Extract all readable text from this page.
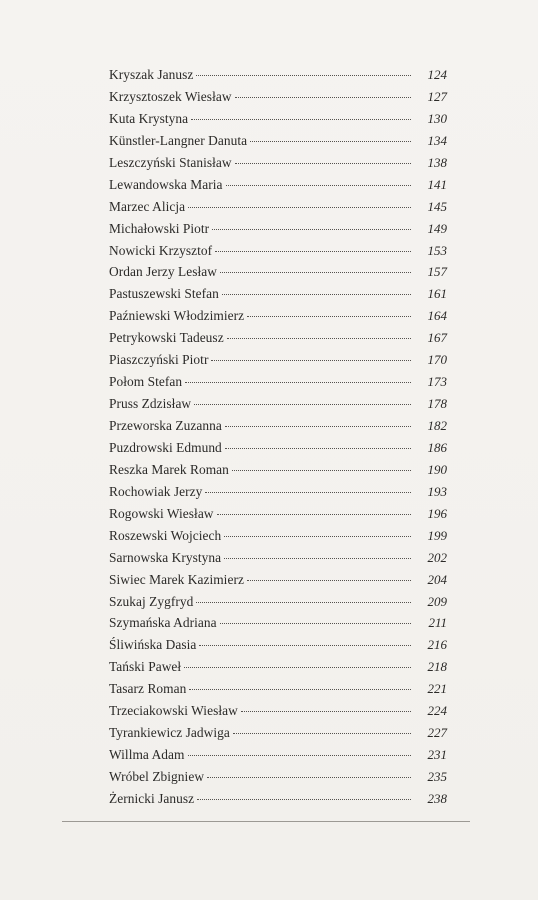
Kryszak Janusz	124
Krzysztoszek Wiesław	127
Kuta Krystyna	130
Künstler-Langner Danuta	134
Leszczyński Stanisław	138
Lewandowska Maria	141
Marzec Alicja	145
Michałowski Piotr	149
Nowicki Krzysztof	153
Ordan Jerzy Lesław	157
Pastuszewski Stefan	161
Paźniewski Włodzimierz	164
Petrykowski Tadeusz	167
Piaszczyński Piotr	170
Połom Stefan	173
Pruss Zdzisław	178
Przeworska Zuzanna	182
Puzdrowski Edmund	186
Reszka Marek Roman	190
Rochowiak Jerzy	193
Rogowski Wiesław	196
Roszewski Wojciech	199
Sarnowska Krystyna	202
Siwiec Marek Kazimierz	204
Szukaj Zygfryd	209
Szymańska Adriana	211
Śliwińska Dasia	216
Tański Paweł	218
Tasarz Roman	221
Trzeciakowski Wiesław	224
Tyrankiewicz Jadwiga	227
Willma Adam	231
Wróbel Zbigniew	235
Żernicki Janusz	238
